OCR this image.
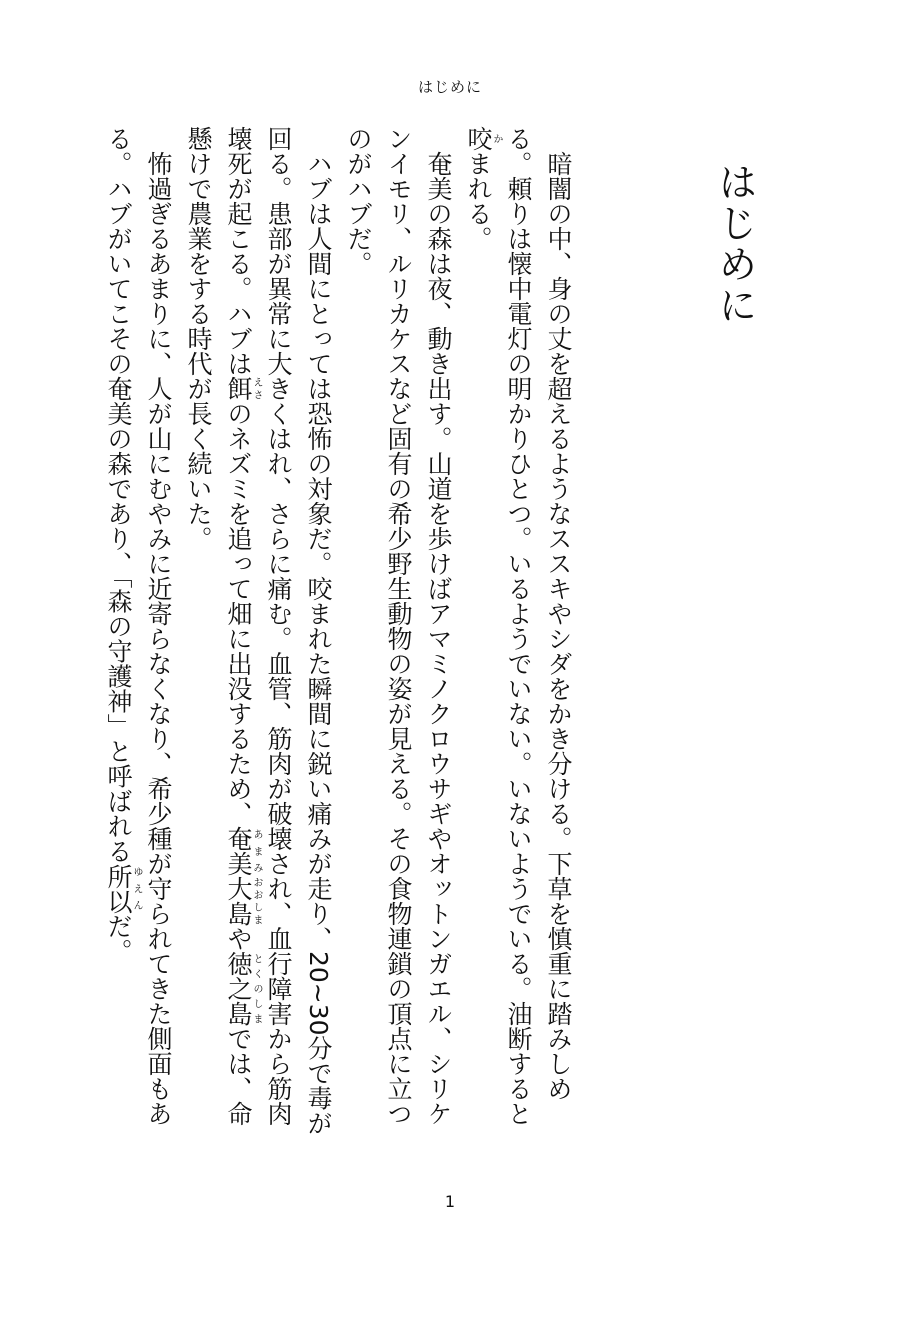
はじめに
はじめに

暗闇の中、身の丈を超えるようなススキやシダをかき分ける。下草を慎重に踏みしめる。頼りは懐中電灯の明かりひとつ。いるようでいない。いないようでいる。油断すると咬かまれる。

奄美の森は夜、動き出す。山道を歩けばアマミノクロウサギやオットンガエル、シリケンイモリ、ルリカケスなど固有の希少野生動物の姿が見える。その食物連鎖の頂点に立つのがハブだ。

ハブは人間にとっては恐怖の対象だ。咬まれた瞬間に鋭い痛みが走り、20~30分で毒が回る。患部が異常に大きくはれ、さらに痛む。血管、筋肉が破壊され、血行障害から筋肉壊死が起こる。ハブは餌えさのネズミを追って畑に出没するため、奄美あまみ大島おおしまや徳之島とくのしまでは、命懸けで農業をする時代が長く続いた。

怖過ぎるあまりに、人が山にむやみに近寄らなくなり、希少種が守られてきた側面もある。ハブがいてこその奄美の森であり、「森の守護神」と呼ばれる所以ゆえんだ。

1
